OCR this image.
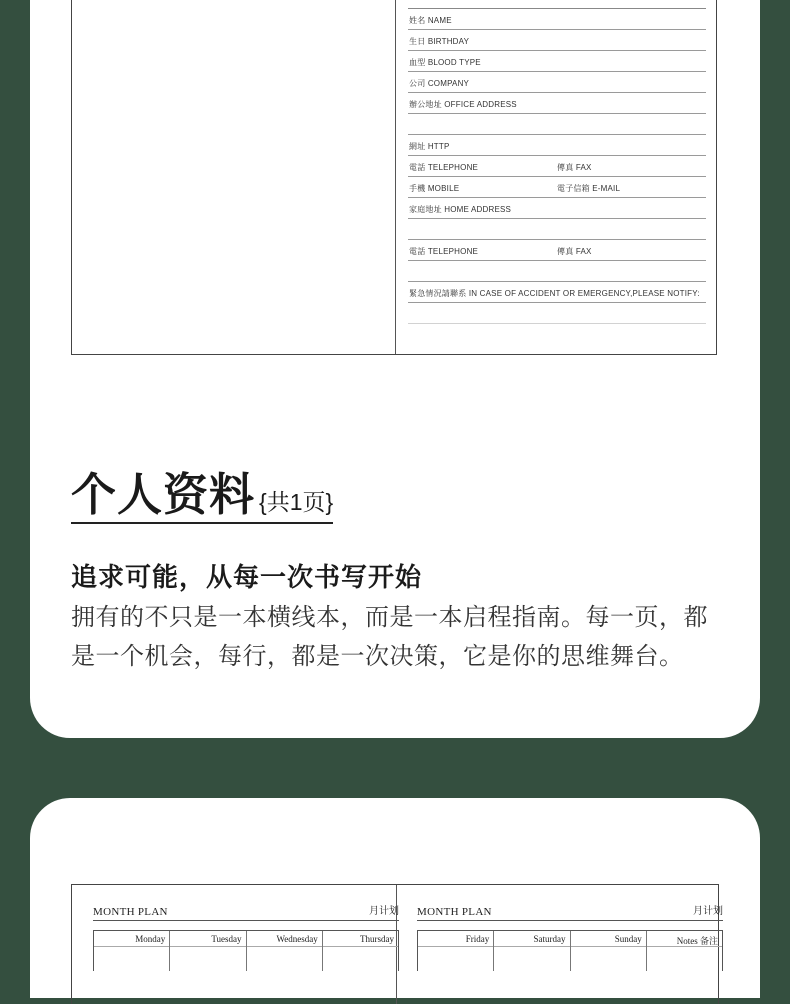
姓名 NAME
生日 BIRTHDAY
血型 BLOOD TYPE
公司 COMPANY
辦公地址 OFFICE ADDRESS
網址 HTTP
電話 TELEPHONE	傳真 FAX
手機 MOBILE	電子信箱 E-MAIL
家庭地址 HOME ADDRESS
電話 TELEPHONE	傳真 FAX
緊急情況請聯系 IN CASE OF ACCIDENT OR EMERGENCY,PLEASE NOTIFY:
个人资料 {共1页}
追求可能，从每一次书写开始
拥有的不只是一本横线本，而是一本启程指南。每一页，都是一个机会，每行，都是一次决策，它是你的思维舞台。
MONTH PLAN	月计划
Monday	Tuesday	Wednesday	Thursday
MONTH PLAN	月计划
Friday	Saturday	Sunday	Notes 备注
